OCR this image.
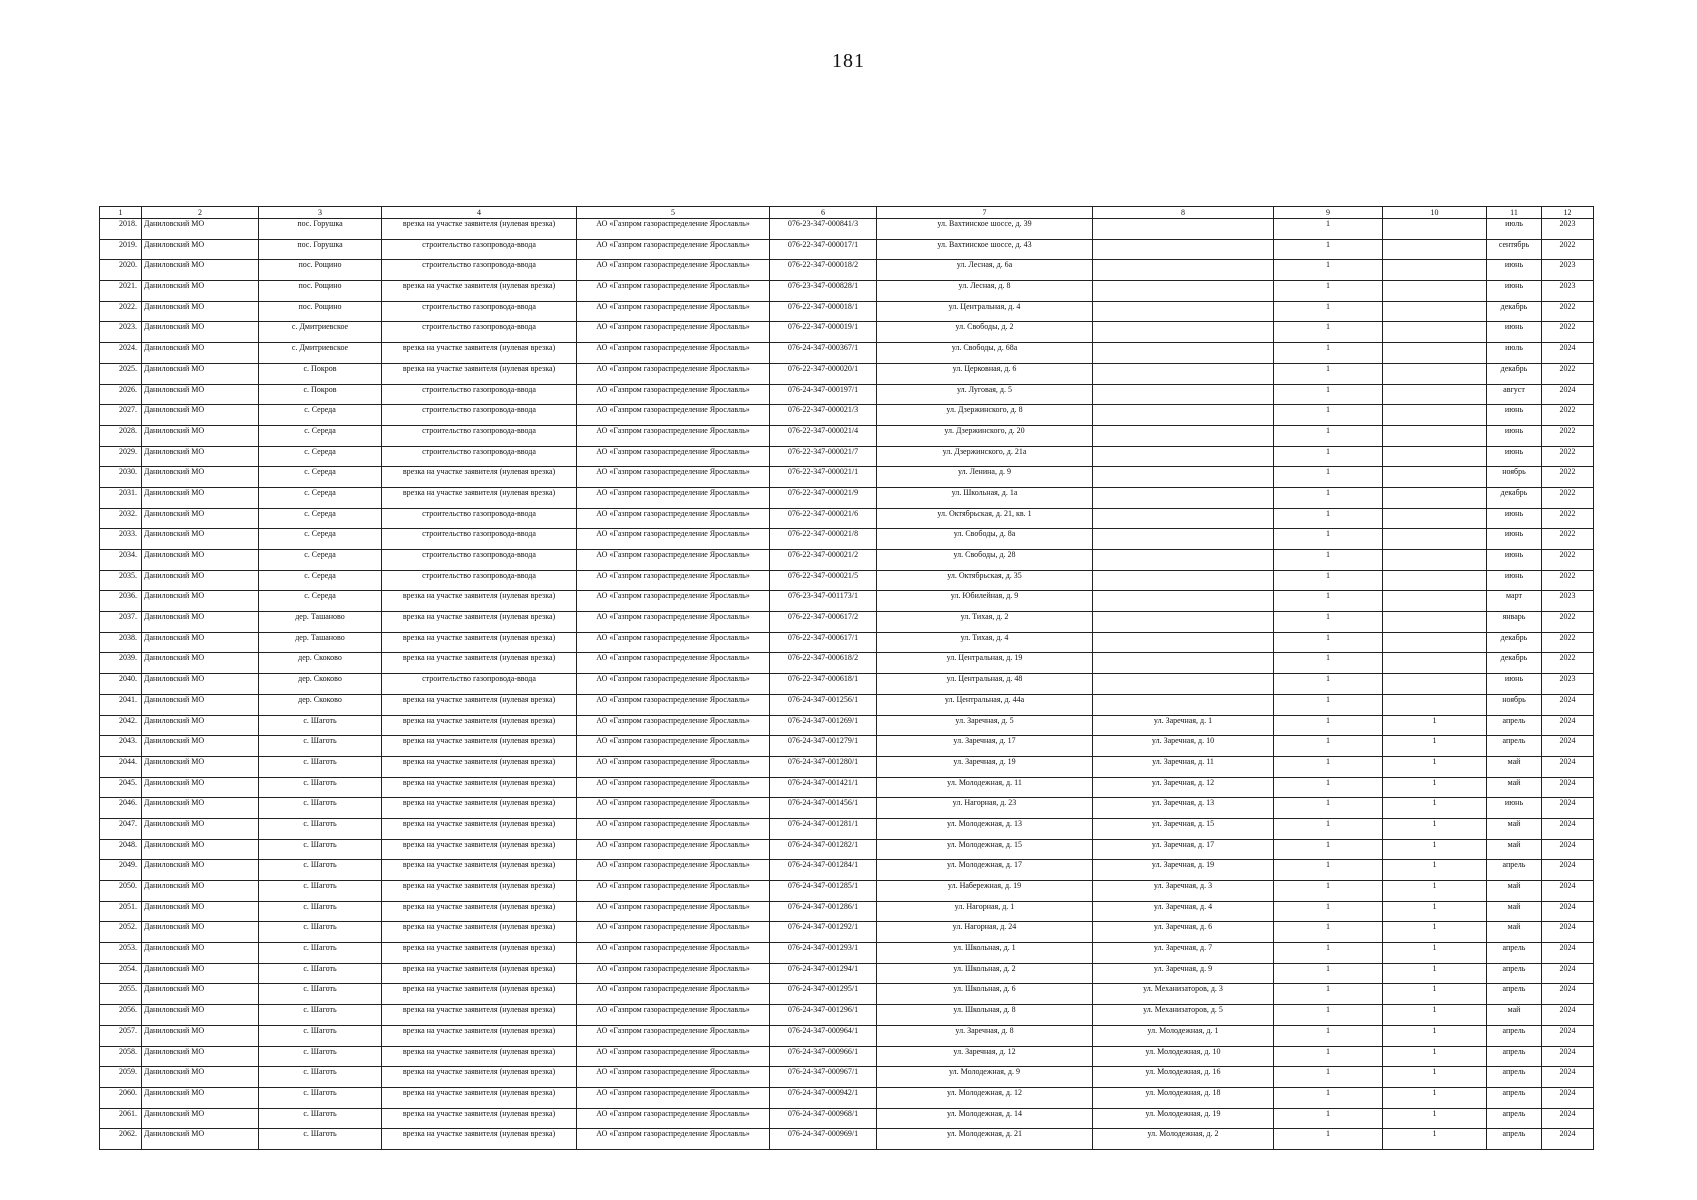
181
1	2	3	4	5	6	7	8	9	10	11	12
2018.	Даниловский МО	пос. Горушка	врезка на участке заявителя (нулевая врезка)	АО «Газпром газораспределение Ярославль»	076-23-347-000841/3	ул. Вахтинское шоссе, д. 39		1		июль	2023
2019.	Даниловский МО	пос. Горушка	строительство газопровода-ввода	АО «Газпром газораспределение Ярославль»	076-22-347-000017/1	ул. Вахтинское шоссе, д. 43		1		сентябрь	2022
2020.	Даниловский МО	пос. Рощино	строительство газопровода-ввода	АО «Газпром газораспределение Ярославль»	076-22-347-000018/2	ул. Лесная, д. 6а		1		июнь	2023
2021.	Даниловский МО	пос. Рощино	врезка на участке заявителя (нулевая врезка)	АО «Газпром газораспределение Ярославль»	076-23-347-000828/1	ул. Лесная, д. 8		1		июнь	2023
2022.	Даниловский МО	пос. Рощино	строительство газопровода-ввода	АО «Газпром газораспределение Ярославль»	076-22-347-000018/1	ул. Центральная, д. 4		1		декабрь	2022
2023.	Даниловский МО	с. Дмитриевское	строительство газопровода-ввода	АО «Газпром газораспределение Ярославль»	076-22-347-000019/1	ул. Свободы, д. 2		1		июнь	2022
2024.	Даниловский МО	с. Дмитриевское	врезка на участке заявителя (нулевая врезка)	АО «Газпром газораспределение Ярославль»	076-24-347-000367/1	ул. Свободы, д. 68а		1		июль	2024
2025.	Даниловский МО	с. Покров	врезка на участке заявителя (нулевая врезка)	АО «Газпром газораспределение Ярославль»	076-22-347-000020/1	ул. Церковная, д. 6		1		декабрь	2022
2026.	Даниловский МО	с. Покров	строительство газопровода-ввода	АО «Газпром газораспределение Ярославль»	076-24-347-000197/1	ул. Луговая, д. 5		1		август	2024
2027.	Даниловский МО	с. Середа	строительство газопровода-ввода	АО «Газпром газораспределение Ярославль»	076-22-347-000021/3	ул. Дзержинского, д. 8		1		июнь	2022
2028.	Даниловский МО	с. Середа	строительство газопровода-ввода	АО «Газпром газораспределение Ярославль»	076-22-347-000021/4	ул. Дзержинского, д. 20		1		июнь	2022
2029.	Даниловский МО	с. Середа	строительство газопровода-ввода	АО «Газпром газораспределение Ярославль»	076-22-347-000021/7	ул. Дзержинского, д. 21а		1		июнь	2022
2030.	Даниловский МО	с. Середа	врезка на участке заявителя (нулевая врезка)	АО «Газпром газораспределение Ярославль»	076-22-347-000021/1	ул. Ленина, д. 9		1		ноябрь	2022
2031.	Даниловский МО	с. Середа	врезка на участке заявителя (нулевая врезка)	АО «Газпром газораспределение Ярославль»	076-22-347-000021/9	ул. Школьная, д. 1а		1		декабрь	2022
2032.	Даниловский МО	с. Середа	строительство газопровода-ввода	АО «Газпром газораспределение Ярославль»	076-22-347-000021/6	ул. Октябрьская, д. 21, кв. 1		1		июнь	2022
2033.	Даниловский МО	с. Середа	строительство газопровода-ввода	АО «Газпром газораспределение Ярославль»	076-22-347-000021/8	ул. Свободы, д. 8а		1		июнь	2022
2034.	Даниловский МО	с. Середа	строительство газопровода-ввода	АО «Газпром газораспределение Ярославль»	076-22-347-000021/2	ул. Свободы, д. 28		1		июнь	2022
2035.	Даниловский МО	с. Середа	строительство газопровода-ввода	АО «Газпром газораспределение Ярославль»	076-22-347-000021/5	ул. Октябрьская, д. 35		1		июнь	2022
2036.	Даниловский МО	с. Середа	врезка на участке заявителя (нулевая врезка)	АО «Газпром газораспределение Ярославль»	076-23-347-001173/1	ул. Юбилейная, д. 9		1		март	2023
2037.	Даниловский МО	дер. Ташаново	врезка на участке заявителя (нулевая врезка)	АО «Газпром газораспределение Ярославль»	076-22-347-000617/2	ул. Тихая, д. 2		1		январь	2022
2038.	Даниловский МО	дер. Ташаново	врезка на участке заявителя (нулевая врезка)	АО «Газпром газораспределение Ярославль»	076-22-347-000617/1	ул. Тихая, д. 4		1		декабрь	2022
2039.	Даниловский МО	дер. Скоково	врезка на участке заявителя (нулевая врезка)	АО «Газпром газораспределение Ярославль»	076-22-347-000618/2	ул. Центральная, д. 19		1		декабрь	2022
2040.	Даниловский МО	дер. Скоково	строительство газопровода-ввода	АО «Газпром газораспределение Ярославль»	076-22-347-000618/1	ул. Центральная, д. 48		1		июнь	2023
2041.	Даниловский МО	дер. Скоково	врезка на участке заявителя (нулевая врезка)	АО «Газпром газораспределение Ярославль»	076-24-347-001256/1	ул. Центральная, д. 44а		1		ноябрь	2024
2042.	Даниловский МО	с. Шаготь	врезка на участке заявителя (нулевая врезка)	АО «Газпром газораспределение Ярославль»	076-24-347-001269/1	ул. Заречная, д. 5	ул. Заречная, д. 1	1	1	апрель	2024
2043.	Даниловский МО	с. Шаготь	врезка на участке заявителя (нулевая врезка)	АО «Газпром газораспределение Ярославль»	076-24-347-001279/1	ул. Заречная, д. 17	ул. Заречная, д. 10	1	1	апрель	2024
2044.	Даниловский МО	с. Шаготь	врезка на участке заявителя (нулевая врезка)	АО «Газпром газораспределение Ярославль»	076-24-347-001280/1	ул. Заречная, д. 19	ул. Заречная, д. 11	1	1	май	2024
2045.	Даниловский МО	с. Шаготь	врезка на участке заявителя (нулевая врезка)	АО «Газпром газораспределение Ярославль»	076-24-347-001421/1	ул. Молодежная, д. 11	ул. Заречная, д. 12	1	1	май	2024
2046.	Даниловский МО	с. Шаготь	врезка на участке заявителя (нулевая врезка)	АО «Газпром газораспределение Ярославль»	076-24-347-001456/1	ул. Нагорная, д. 23	ул. Заречная, д. 13	1	1	июнь	2024
2047.	Даниловский МО	с. Шаготь	врезка на участке заявителя (нулевая врезка)	АО «Газпром газораспределение Ярославль»	076-24-347-001281/1	ул. Молодежная, д. 13	ул. Заречная, д. 15	1	1	май	2024
2048.	Даниловский МО	с. Шаготь	врезка на участке заявителя (нулевая врезка)	АО «Газпром газораспределение Ярославль»	076-24-347-001282/1	ул. Молодежная, д. 15	ул. Заречная, д. 17	1	1	май	2024
2049.	Даниловский МО	с. Шаготь	врезка на участке заявителя (нулевая врезка)	АО «Газпром газораспределение Ярославль»	076-24-347-001284/1	ул. Молодежная, д. 17	ул. Заречная, д. 19	1	1	апрель	2024
2050.	Даниловский МО	с. Шаготь	врезка на участке заявителя (нулевая врезка)	АО «Газпром газораспределение Ярославль»	076-24-347-001285/1	ул. Набережная, д. 19	ул. Заречная, д. 3	1	1	май	2024
2051.	Даниловский МО	с. Шаготь	врезка на участке заявителя (нулевая врезка)	АО «Газпром газораспределение Ярославль»	076-24-347-001286/1	ул. Нагорная, д. 1	ул. Заречная, д. 4	1	1	май	2024
2052.	Даниловский МО	с. Шаготь	врезка на участке заявителя (нулевая врезка)	АО «Газпром газораспределение Ярославль»	076-24-347-001292/1	ул. Нагорная, д. 24	ул. Заречная, д. 6	1	1	май	2024
2053.	Даниловский МО	с. Шаготь	врезка на участке заявителя (нулевая врезка)	АО «Газпром газораспределение Ярославль»	076-24-347-001293/1	ул. Школьная, д. 1	ул. Заречная, д. 7	1	1	апрель	2024
2054.	Даниловский МО	с. Шаготь	врезка на участке заявителя (нулевая врезка)	АО «Газпром газораспределение Ярославль»	076-24-347-001294/1	ул. Школьная, д. 2	ул. Заречная, д. 9	1	1	апрель	2024
2055.	Даниловский МО	с. Шаготь	врезка на участке заявителя (нулевая врезка)	АО «Газпром газораспределение Ярославль»	076-24-347-001295/1	ул. Школьная, д. 6	ул. Механизаторов, д. 3	1	1	апрель	2024
2056.	Даниловский МО	с. Шаготь	врезка на участке заявителя (нулевая врезка)	АО «Газпром газораспределение Ярославль»	076-24-347-001296/1	ул. Школьная, д. 8	ул. Механизаторов, д. 5	1	1	май	2024
2057.	Даниловский МО	с. Шаготь	врезка на участке заявителя (нулевая врезка)	АО «Газпром газораспределение Ярославль»	076-24-347-000964/1	ул. Заречная, д. 8	ул. Молодежная, д. 1	1	1	апрель	2024
2058.	Даниловский МО	с. Шаготь	врезка на участке заявителя (нулевая врезка)	АО «Газпром газораспределение Ярославль»	076-24-347-000966/1	ул. Заречная, д. 12	ул. Молодежная, д. 10	1	1	апрель	2024
2059.	Даниловский МО	с. Шаготь	врезка на участке заявителя (нулевая врезка)	АО «Газпром газораспределение Ярославль»	076-24-347-000967/1	ул. Молодежная, д. 9	ул. Молодежная, д. 16	1	1	апрель	2024
2060.	Даниловский МО	с. Шаготь	врезка на участке заявителя (нулевая врезка)	АО «Газпром газораспределение Ярославль»	076-24-347-000942/1	ул. Молодежная, д. 12	ул. Молодежная, д. 18	1	1	апрель	2024
2061.	Даниловский МО	с. Шаготь	врезка на участке заявителя (нулевая врезка)	АО «Газпром газораспределение Ярославль»	076-24-347-000968/1	ул. Молодежная, д. 14	ул. Молодежная, д. 19	1	1	апрель	2024
2062.	Даниловский МО	с. Шаготь	врезка на участке заявителя (нулевая врезка)	АО «Газпром газораспределение Ярославль»	076-24-347-000969/1	ул. Молодежная, д. 21	ул. Молодежная, д. 2	1	1	апрель	2024
